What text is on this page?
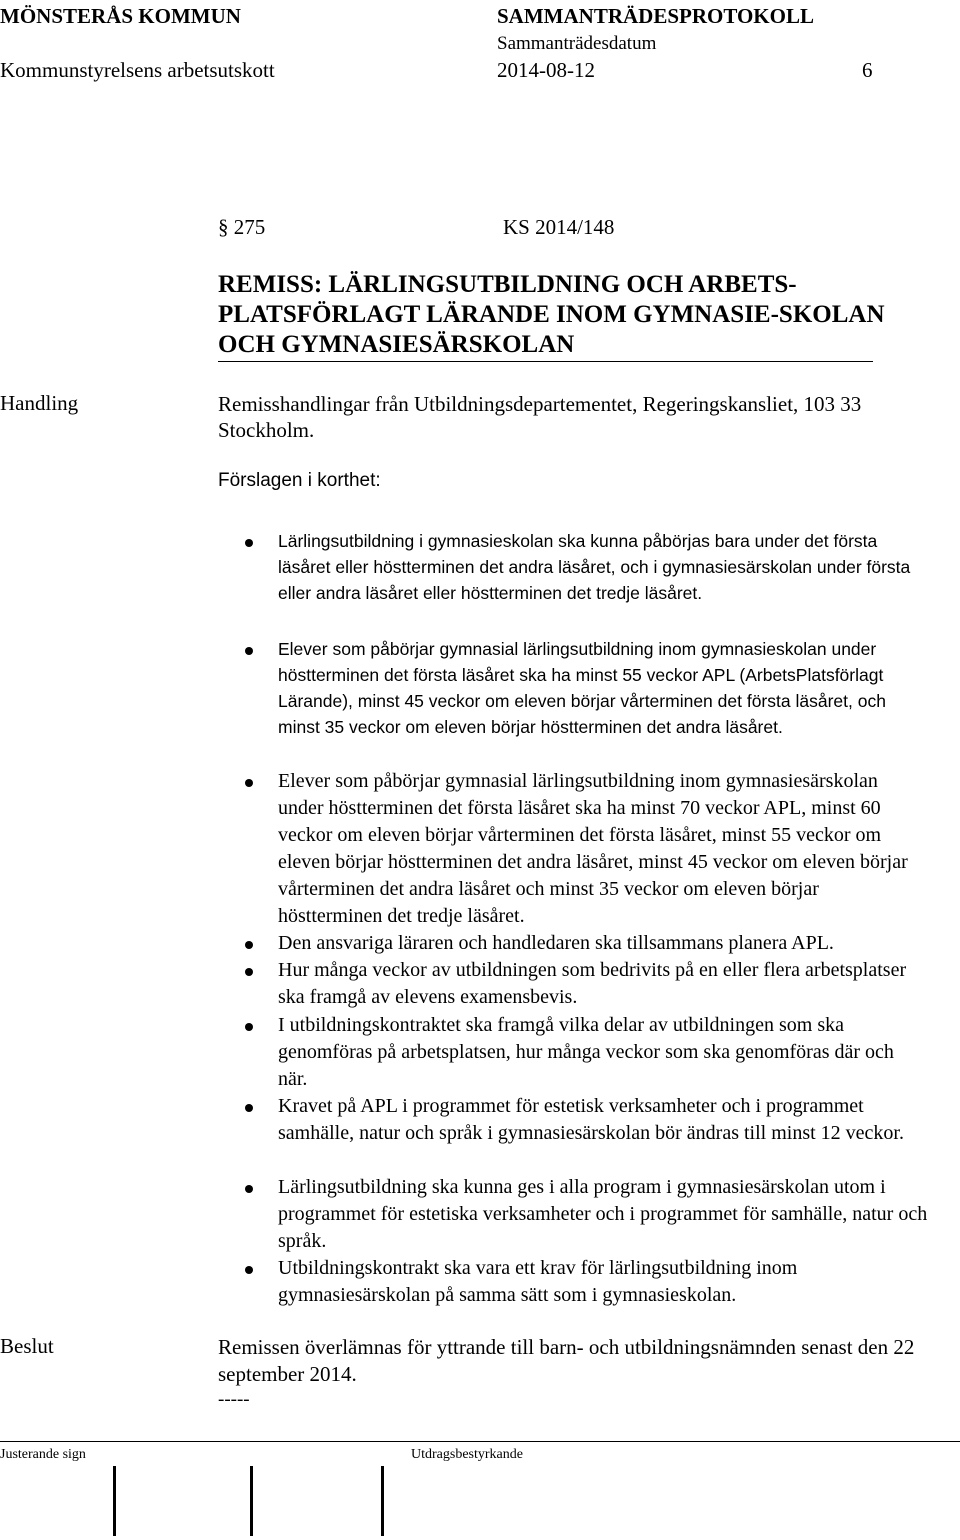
MÖNSTERÅS KOMMUN	SAMMANTRÄDESPROTOKOLL
Sammanträdesdatum
Kommunstyrelsens arbetsutskott	2014-08-12	6
§ 275	KS 2014/148
REMISS: LÄRLINGSUTBILDNING OCH ARBETS-PLATSFÖRLAGT LÄRANDE INOM GYMNASIE-SKOLAN OCH GYMNASIESÄRSKOLAN
Handling	Remisshandlingar från Utbildningsdepartementet, Regeringskansliet, 103 33 Stockholm.
Förslagen i korthet:
Lärlingsutbildning i gymnasieskolan ska kunna påbörjas bara under det första läsåret eller höstterminen det andra läsåret, och i gymnasiesärskolan under första eller andra läsåret eller höstterminen det tredje läsåret.
Elever som påbörjar gymnasial lärlingsutbildning inom gymnasieskolan under höstterminen det första läsåret ska ha minst 55 veckor APL (ArbetsPlatsförlagt Lärande), minst 45 veckor om eleven börjar vårterminen det första läsåret, och minst 35 veckor om eleven börjar höstterminen det andra läsåret.
Elever som påbörjar gymnasial lärlingsutbildning inom gymnasiesärskolan under höstterminen det första läsåret ska ha minst 70 veckor APL, minst 60 veckor om eleven börjar vårterminen det första läsåret, minst 55 veckor om eleven börjar höstterminen det andra läsåret, minst 45 veckor om eleven börjar vårterminen det andra läsåret och minst 35 veckor om eleven börjar höstterminen det tredje läsåret.
Den ansvariga läraren och handledaren ska tillsammans planera APL.
Hur många veckor av utbildningen som bedrivits på en eller flera arbetsplatser ska framgå av elevens examensbevis.
I utbildningskontraktet ska framgå vilka delar av utbildningen som ska genomföras på arbetsplatsen, hur många veckor som ska genomföras där och när.
Kravet på APL i programmet för estetisk verksamheter och i programmet samhälle, natur och språk i gymnasiesärskolan bör ändras till minst 12 veckor.
Lärlingsutbildning ska kunna ges i alla program i gymnasiesärskolan utom i programmet för estetiska verksamheter och i programmet för samhälle, natur och språk.
Utbildningskontrakt ska vara ett krav för lärlingsutbildning inom gymnasiesärskolan på samma sätt som i gymnasieskolan.
Beslut	Remissen överlämnas för yttrande till barn- och utbildningsnämnden senast den 22 september 2014.
-----
Justerande sign	Utdragsbestyrkande
